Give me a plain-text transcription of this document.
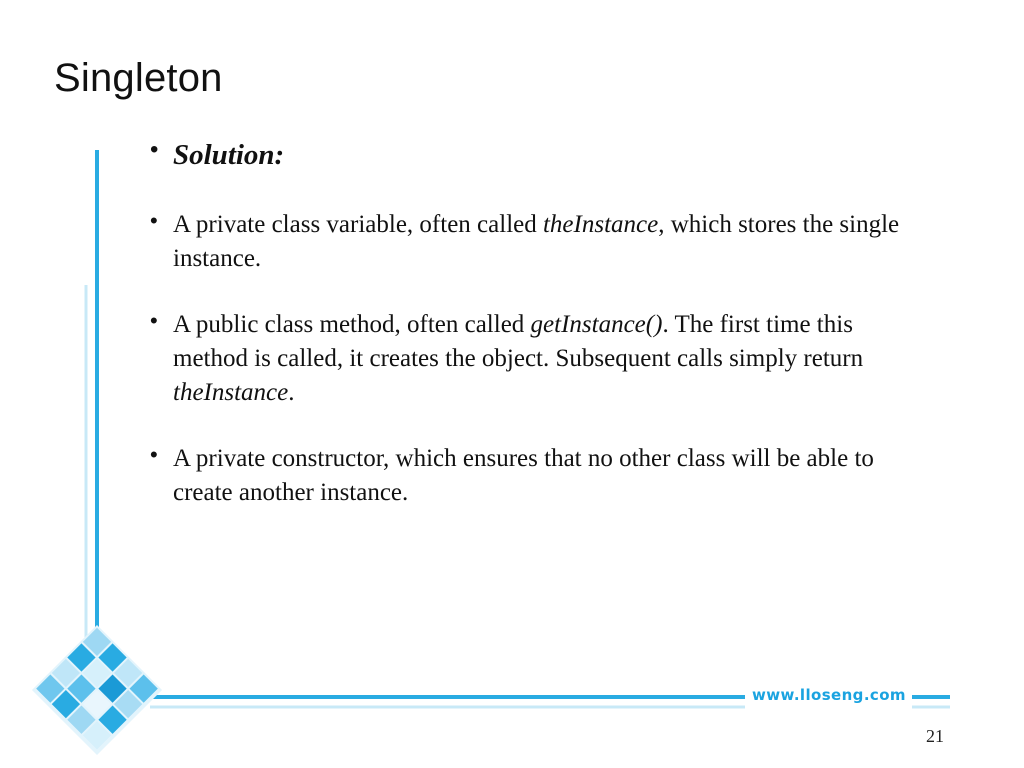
Singleton
• Solution:
• A private class variable, often called theInstance, which stores the single instance.
• A public class method, often called getInstance(). The first time this method is called, it creates the object. Subsequent calls simply return theInstance.
• A private constructor, which ensures that no other class will be able to create another instance.
www.lloseng.com
21
